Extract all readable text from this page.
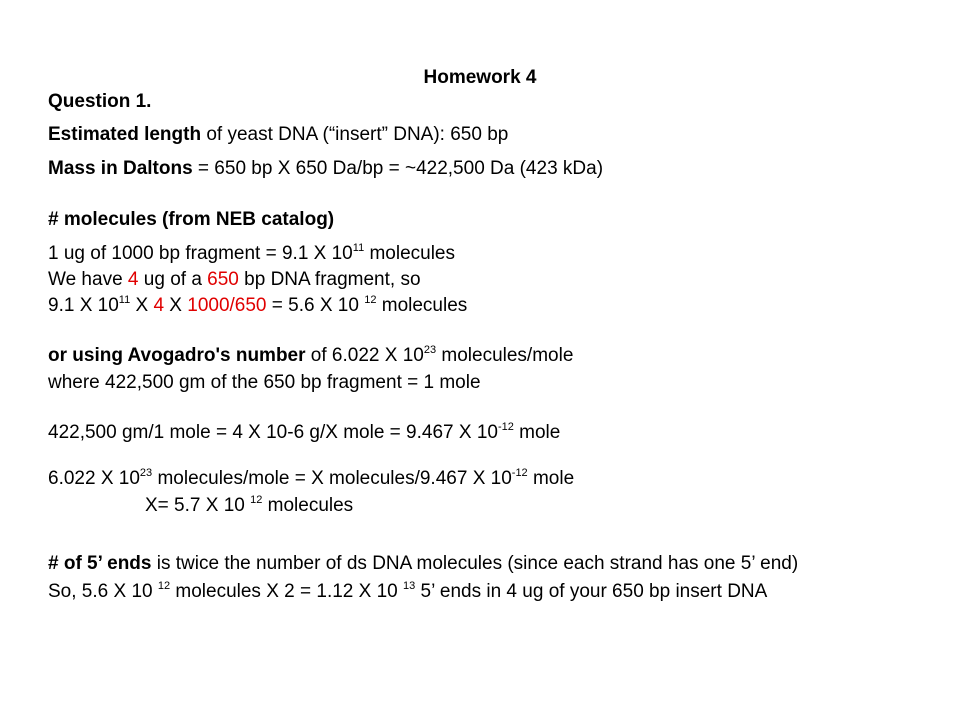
Homework 4

Question 1.

Estimated length of yeast DNA (“insert” DNA): 650 bp

Mass in Daltons = 650 bp X 650 Da/bp = ~422,500 Da (423 kDa)

# molecules (from NEB catalog)

1 ug of 1000 bp fragment = 9.1 X $10^{11}$ molecules

We have 4 ug of a 650 bp DNA fragment, so

9.1 X $10^{11}$ X 4 X 1000/650 = 5.6 X 10 $^{12}$ molecules

or using Avogadro's number of 6.022 X $10^{23}$ molecules/mole

where 422,500 gm of the 650 bp fragment = 1 mole

422,500 gm/1 mole = 4 X 10-6 g/X mole = 9.467 X $10^{-12}$ mole

6.022 X $10^{23}$ molecules/mole = X molecules/9.467 X $10^{-12}$ mole

X= 5.7 X 10 $^{12}$ molecules

# of 5’ ends is twice the number of ds DNA molecules (since each strand has one 5’ end)

So, 5.6 X 10 $^{12}$ molecules X 2 = 1.12 X 10 $^{13}$ 5’ ends in 4 ug of your 650 bp insert DNA
